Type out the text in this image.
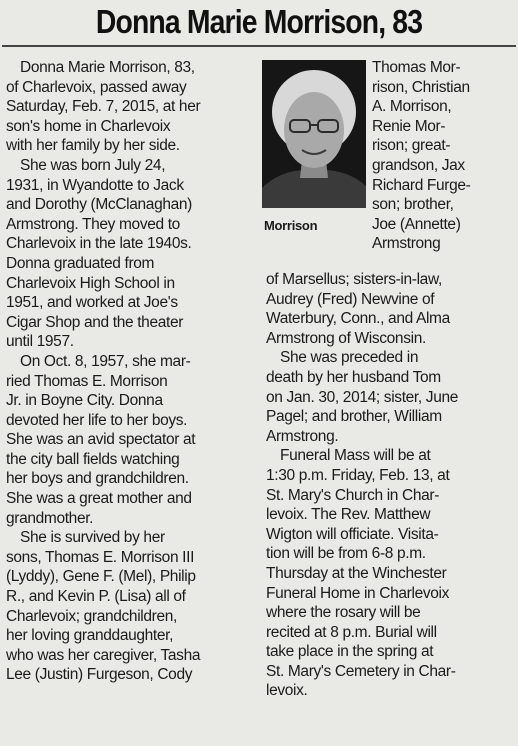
Donna Marie Morrison, 83
Donna Marie Morrison, 83,
of Charlevoix, passed away
Saturday, Feb. 7, 2015, at her
son's home in Charlevoix
with her family by her side.
She was born July 24,
1931, in Wyandotte to Jack
and Dorothy (McClanaghan)
Armstrong. They moved to
Charlevoix in the late 1940s.
Donna graduated from
Charlevoix High School in
1951, and worked at Joe's
Cigar Shop and the theater
until 1957.
On Oct. 8, 1957, she mar-
ried Thomas E. Morrison
Jr. in Boyne City. Donna
devoted her life to her boys.
She was an avid spectator at
the city ball fields watching
her boys and grandchildren.
She was a great mother and
grandmother.
She is survived by her
sons, Thomas E. Morrison III
(Lyddy), Gene F. (Mel), Philip
R., and Kevin P. (Lisa) all of
Charlevoix; grandchildren,
her loving granddaughter,
who was her caregiver, Tasha
Lee (Justin) Furgeson, Cody
Morrison
Thomas Mor-
rison, Christian
A. Morrison,
Renie Mor-
rison; great-
grandson, Jax
Richard Furge-
son; brother,
Joe (Annette)
Armstrong
of Marsellus; sisters-in-law,
Audrey (Fred) Newvine of
Waterbury, Conn., and Alma
Armstrong of Wisconsin.
She was preceded in
death by her husband Tom
on Jan. 30, 2014; sister, June
Pagel; and brother, William
Armstrong.
Funeral Mass will be at
1:30 p.m. Friday, Feb. 13, at
St. Mary's Church in Char-
levoix. The Rev. Matthew
Wigton will officiate. Visita-
tion will be from 6-8 p.m.
Thursday at the Winchester
Funeral Home in Charlevoix
where the rosary will be
recited at 8 p.m. Burial will
take place in the spring at
St. Mary's Cemetery in Char-
levoix.
